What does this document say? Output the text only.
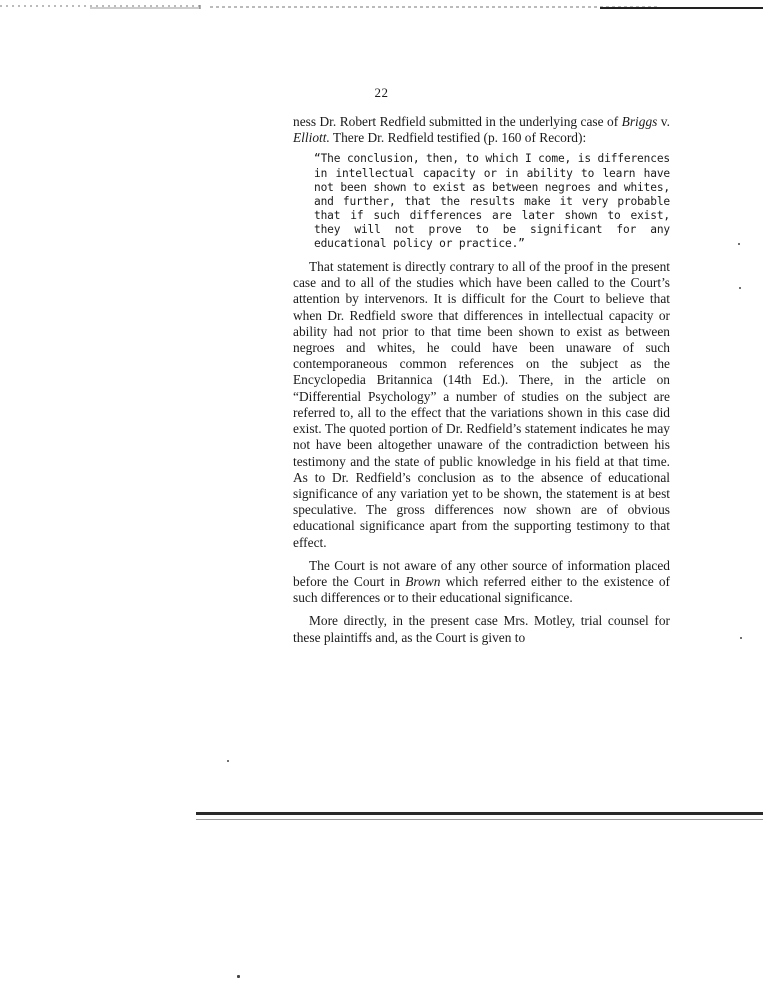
22

ness Dr. Robert Redfield submitted in the underlying case of Briggs v. Elliott. There Dr. Redfield testified (p. 160 of Record):

“The conclusion, then, to which I come, is differences in intellectual capacity or in ability to learn have not been shown to exist as between negroes and whites, and further, that the results make it very probable that if such differences are later shown to exist, they will not prove to be significant for any educational policy or practice.”

That statement is directly contrary to all of the proof in the present case and to all of the studies which have been called to the Court’s attention by intervenors. It is difficult for the Court to believe that when Dr. Redfield swore that differences in intellectual capacity or ability had not prior to that time been shown to exist as between negroes and whites, he could have been unaware of such contemporaneous common references on the subject as the Encyclopedia Britannica (14th Ed.). There, in the article on “Differential Psychology” a number of studies on the subject are referred to, all to the effect that the variations shown in this case did exist. The quoted portion of Dr. Redfield’s statement indicates he may not have been altogether unaware of the contradiction between his testimony and the state of public knowledge in his field at that time. As to Dr. Redfield’s conclusion as to the absence of educational significance of any variation yet to be shown, the statement is at best speculative. The gross differences now shown are of obvious educational significance apart from the supporting testimony to that effect.

The Court is not aware of any other source of information placed before the Court in Brown which referred either to the existence of such differences or to their educational significance.

More directly, in the present case Mrs. Motley, trial counsel for these plaintiffs and, as the Court is given to
